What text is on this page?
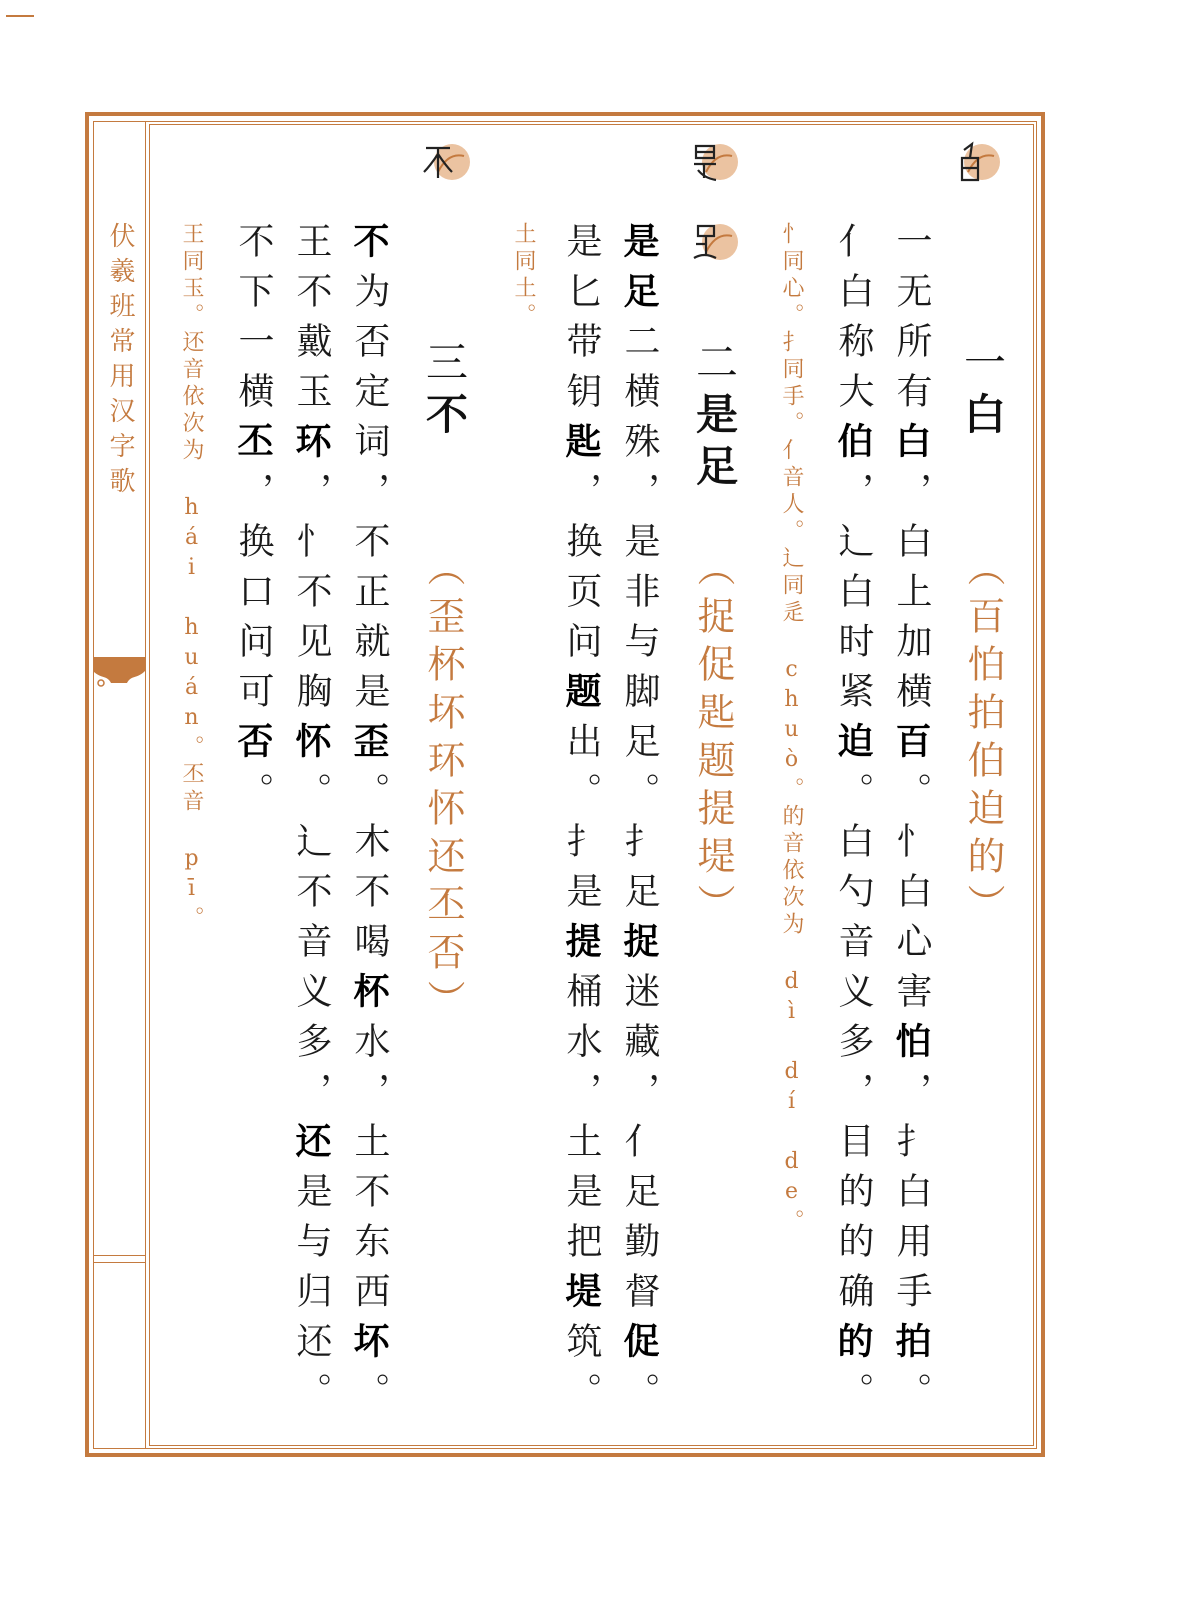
伏羲班常用汉字歌	一白
（百怕拍伯迫的）
一无所有白，白上加横百。忄白心害怕，扌白用手拍。
亻白称大伯，辶白时紧迫。白勺音义多，目的的确的。
忄同心。扌同手。亻音人。辶同辵 chuò。的音依次为 dì dí de。
二是足
（捉促匙题提堤）
是足二横殊，是非与脚足。扌足捉迷藏，亻足勤督促。
是匕带钥匙，换页问题出。扌是提桶水，土是把堤筑。
土同土。
三不
（歪杯坏环怀还丕否）
不为否定词，不正就是歪。木不喝杯水，土不东西坏。
王不戴玉环，忄不见胸怀。辶不音义多，还是与归还。
不下一横丕，换口问可否。
王同玉。还音依次为 hái huán。丕音 pī。
